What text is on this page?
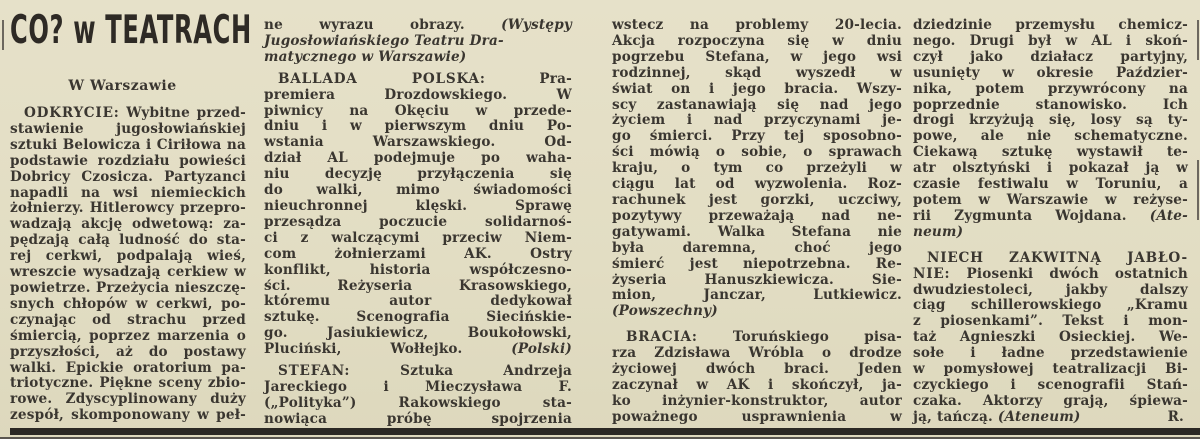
CO? w TEATRACH
W Warszawie

ODKRYCIE: Wybitne przed-

stawienie jugosłowiańskiej

sztuki Belowicza i Ciriłowa na

podstawie rozdziału powieści

Dobricy Czosicza. Partyzanci

napadli na wsi niemieckich

żołnierzy. Hitlerowcy przepro-

wadzają akcję odwetową: za-

pędzają całą ludność do sta-

rej cerkwi, podpalają wieś,

wreszcie wysadzają cerkiew w

powietrze. Przeżycia nieszczę-

snych chłopów w cerkwi, po-

czynając od strachu przed

śmiercią, poprzez marzenia o

przyszłości, aż do postawy

walki. Epickie oratorium pa-

triotyczne. Piękne sceny zbio-

rowe. Zdyscyplinowany duży

zespół, skomponowany w peł-

ne wyrazu obrazy.	(Występy

Jugosłowiańskiego Teatru Dra-

matycznego w Warszawie)

BALLADA POLSKA:	Pra-

premiera Drozdowskiego. W

piwnicy na Okęciu w przede-

dniu i w pierwszym dniu Po-

wstania Warszawskiego. Od-

dział AL podejmuje po waha-

niu decyzję przyłączenia się

do walki, mimo świadomości

nieuchronnej klęski. Sprawę

przesądza poczucie solidarnoś-

ci z walczącymi przeciw Niem-

com żołnierzami AK. Ostry

konflikt, historia współczesno-

ści. Reżyseria Krasowskiego,

któremu autor dedykował

sztukę. Scenografia Siecińskie-

go. Jasiukiewicz, Boukołowski,

Pluciński, Wołłejko.	(Polski)

STEFAN:	Sztuka Andrzeja

Jareckiego i Mieczysława F.

(„Polityka”) Rakowskiego sta-

nowiąca próbę spojrzenia

wstecz na problemy 20-lecia.

Akcja rozpoczyna się w dniu

pogrzebu Stefana, w jego wsi

rodzinnej, skąd wyszedł w

świat on i jego bracia. Wszy-

scy zastanawiają się nad jego

życiem i nad przyczynami je-

go śmierci. Przy tej sposobno-

ści mówią o sobie, o sprawach

kraju, o tym co przeżyli w

ciągu lat od wyzwolenia. Roz-

rachunek jest gorzki, uczciwy,

pozytywy przeważają nad ne-

gatywami. Walka Stefana nie

była daremna, choć jego

śmierć jest niepotrzebna. Re-

żyseria Hanuszkiewicza. Sie-

mion, Janczar, Lutkiewicz.

(Powszechny)

BRACIA:	Toruńskiego pisa-

rza Zdzisława Wróbla o drodze

życiowej dwóch braci. Jeden

zaczynał w AK i skończył, ja-

ko inżynier-konstruktor, autor

poważnego usprawnienia w

dziedzinie przemysłu chemicz-

nego. Drugi był w AL i skoń-

czył jako działacz partyjny,

usunięty w okresie Paździer-

nika, potem przywrócony na

poprzednie stanowisko. Ich

drogi krzyżują się, losy są ty-

powe, ale nie schematyczne.

Ciekawą sztukę wystawił te-

atr olsztyński i pokazał ją w

czasie festiwalu w Toruniu, a

potem w Warszawie w reżyse-

rii Zygmunta Wojdana. (Ate-

neum)

NIECH ZAKWITNĄ JABŁO-

NIE: Piosenki dwóch ostatnich

dwudziestoleci, jakby dalszy

ciąg schillerowskiego „Kramu

z piosenkami”. Tekst i mon-

taż Agnieszki Osieckiej. We-

sołe i ładne przedstawienie

w pomysłowej teatralizacji Bi-

czyckiego i scenografii Stań-

czaka. Aktorzy grają, śpiewa-

ją, tańczą. (Ateneum)	R.
